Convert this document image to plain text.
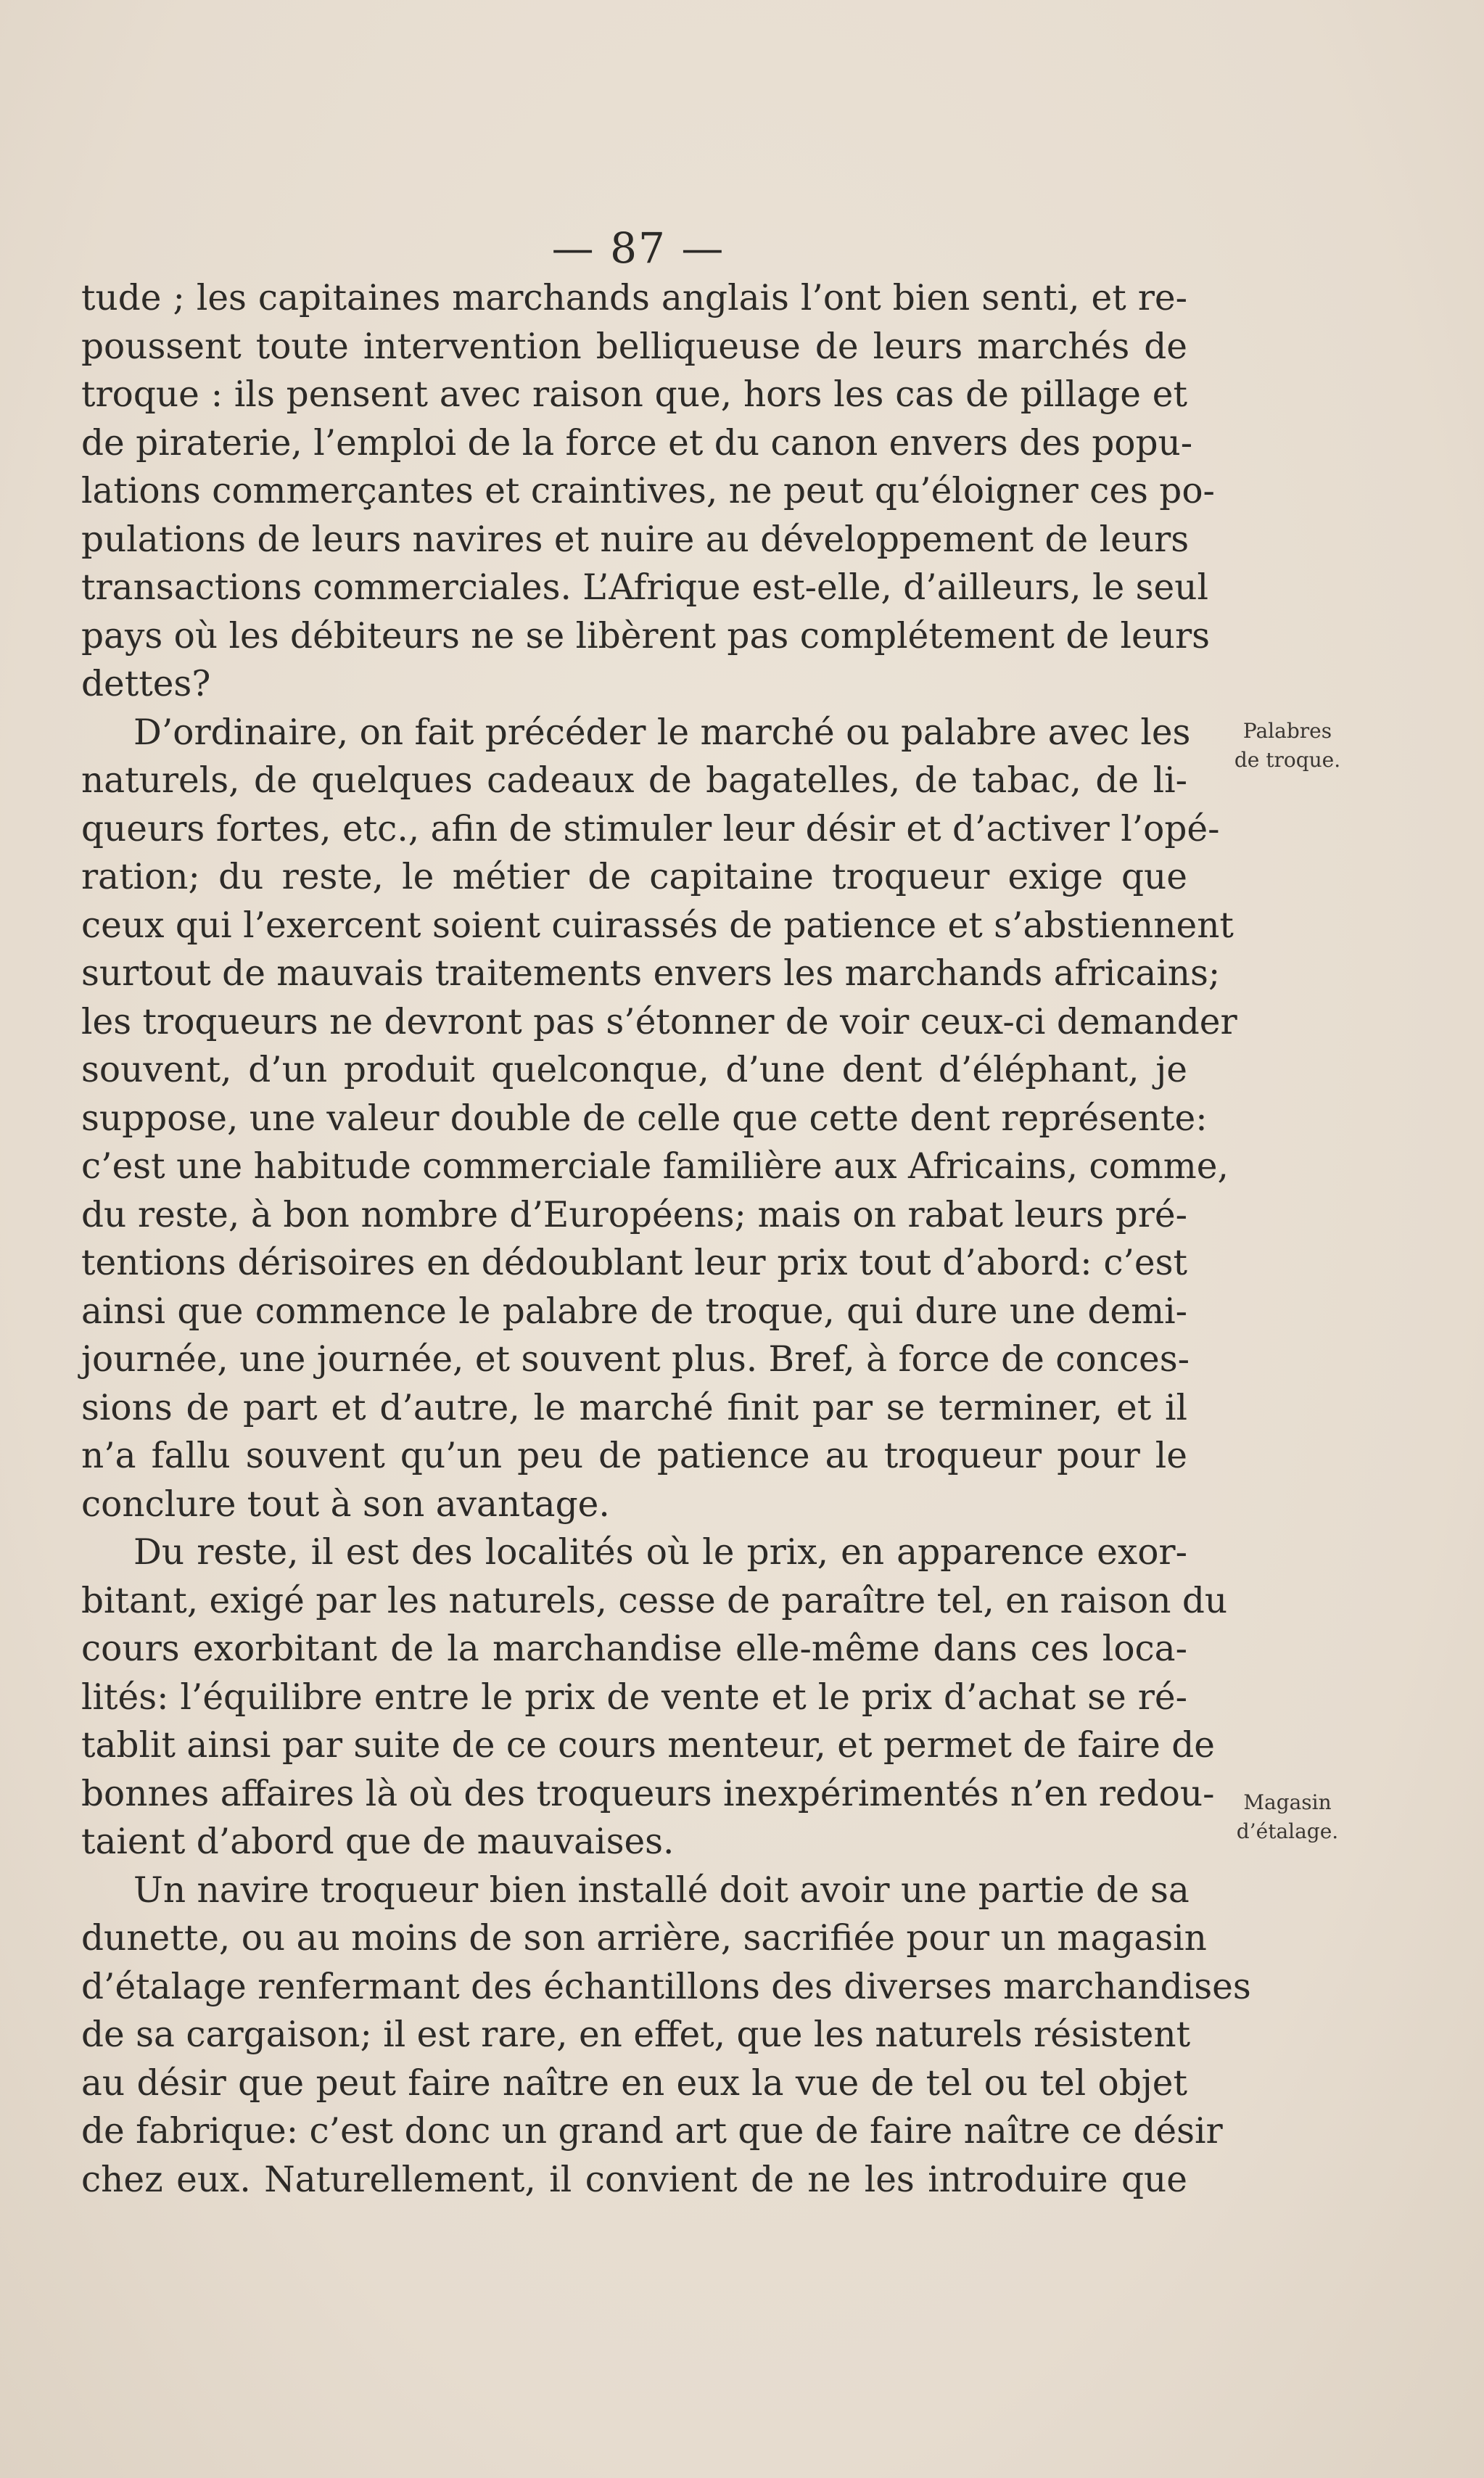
— 87 —
tude ; les capitaines marchands anglais l’ont bien senti, et re-
poussent toute intervention belliqueuse de leurs marchés de
troque : ils pensent avec raison que, hors les cas de pillage et
de piraterie, l’emploi de la force et du canon envers des popu-
lations commerçantes et craintives, ne peut qu’éloigner ces po-
pulations de leurs navires et nuire au développement de leurs
transactions commerciales. L’Afrique est-elle, d’ailleurs, le seul
pays où les débiteurs ne se libèrent pas complétement de leurs
dettes?
D’ordinaire, on fait précéder le marché ou palabre avec les
naturels, de quelques cadeaux de bagatelles, de tabac, de li-
queurs fortes, etc., afin de stimuler leur désir et d’activer l’opé-
ration; du reste, le métier de capitaine troqueur exige que
ceux qui l’exercent soient cuirassés de patience et s’abstiennent
surtout de mauvais traitements envers les marchands africains;
les troqueurs ne devront pas s’étonner de voir ceux-ci demander
souvent, d’un produit quelconque, d’une dent d’éléphant, je
suppose, une valeur double de celle que cette dent représente:
c’est une habitude commerciale familière aux Africains, comme,
du reste, à bon nombre d’Européens; mais on rabat leurs pré-
tentions dérisoires en dédoublant leur prix tout d’abord: c’est
ainsi que commence le palabre de troque, qui dure une demi-
journée, une journée, et souvent plus. Bref, à force de conces-
sions de part et d’autre, le marché finit par se terminer, et il
n’a fallu souvent qu’un peu de patience au troqueur pour le
conclure tout à son avantage.
Du reste, il est des localités où le prix, en apparence exor-
bitant, exigé par les naturels, cesse de paraître tel, en raison du
cours exorbitant de la marchandise elle-même dans ces loca-
lités: l’équilibre entre le prix de vente et le prix d’achat se ré-
tablit ainsi par suite de ce cours menteur, et permet de faire de
bonnes affaires là où des troqueurs inexpérimentés n’en redou-
taient d’abord que de mauvaises.
Un navire troqueur bien installé doit avoir une partie de sa
dunette, ou au moins de son arrière, sacrifiée pour un magasin
d’étalage renfermant des échantillons des diverses marchandises
de sa cargaison; il est rare, en effet, que les naturels résistent
au désir que peut faire naître en eux la vue de tel ou tel objet
de fabrique: c’est donc un grand art que de faire naître ce désir
chez eux. Naturellement, il convient de ne les introduire que
Palabres
de troque.
Magasin
d’étalage.
